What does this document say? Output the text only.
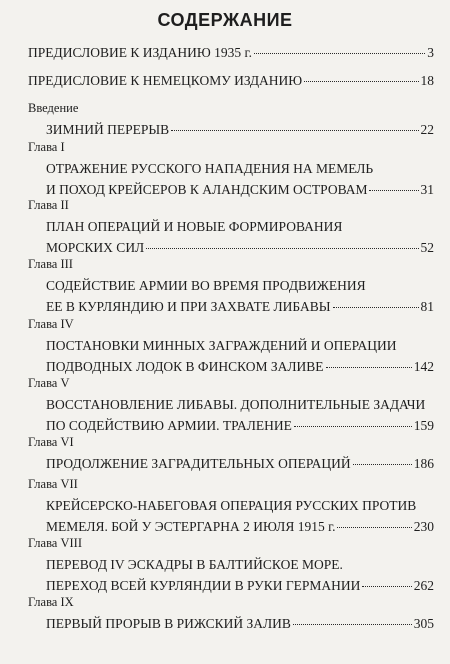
СОДЕРЖАНИЕ
ПРЕДИСЛОВИЕ К ИЗДАНИЮ 1935 г.	3
ПРЕДИСЛОВИЕ К НЕМЕЦКОМУ ИЗДАНИЮ	18
Введение
ЗИМНИЙ ПЕРЕРЫВ	22
Глава I
ОТРАЖЕНИЕ РУССКОГО НАПАДЕНИЯ НА МЕМЕЛЬ
И ПОХОД КРЕЙСЕРОВ К АЛАНДСКИМ ОСТРОВАМ	31
Глава II
ПЛАН ОПЕРАЦИЙ И НОВЫЕ ФОРМИРОВАНИЯ
МОРСКИХ СИЛ	52
Глава III
СОДЕЙСТВИЕ АРМИИ ВО ВРЕМЯ ПРОДВИЖЕНИЯ
ЕЕ В КУРЛЯНДИЮ И ПРИ ЗАХВАТЕ ЛИБАВЫ	81
Глава IV
ПОСТАНОВКИ МИННЫХ ЗАГРАЖДЕНИЙ И ОПЕРАЦИИ
ПОДВОДНЫХ ЛОДОК В ФИНСКОМ ЗАЛИВЕ	142
Глава V
ВОССТАНОВЛЕНИЕ ЛИБАВЫ. ДОПОЛНИТЕЛЬНЫЕ ЗАДАЧИ
ПО СОДЕЙСТВИЮ АРМИИ. ТРАЛЕНИЕ	159
Глава VI
ПРОДОЛЖЕНИЕ ЗАГРАДИТЕЛЬНЫХ ОПЕРАЦИЙ	186
Глава VII
КРЕЙСЕРСКО-НАБЕГОВАЯ ОПЕРАЦИЯ РУССКИХ ПРОТИВ
МЕМЕЛЯ. БОЙ У ЭСТЕРГАРНА 2 ИЮЛЯ 1915 г.	230
Глава VIII
ПЕРЕВОД IV ЭСКАДРЫ В БАЛТИЙСКОЕ МОРЕ.
ПЕРЕХОД ВСЕЙ КУРЛЯНДИИ В РУКИ ГЕРМАНИИ	262
Глава IX
ПЕРВЫЙ ПРОРЫВ В РИЖСКИЙ ЗАЛИВ	305
